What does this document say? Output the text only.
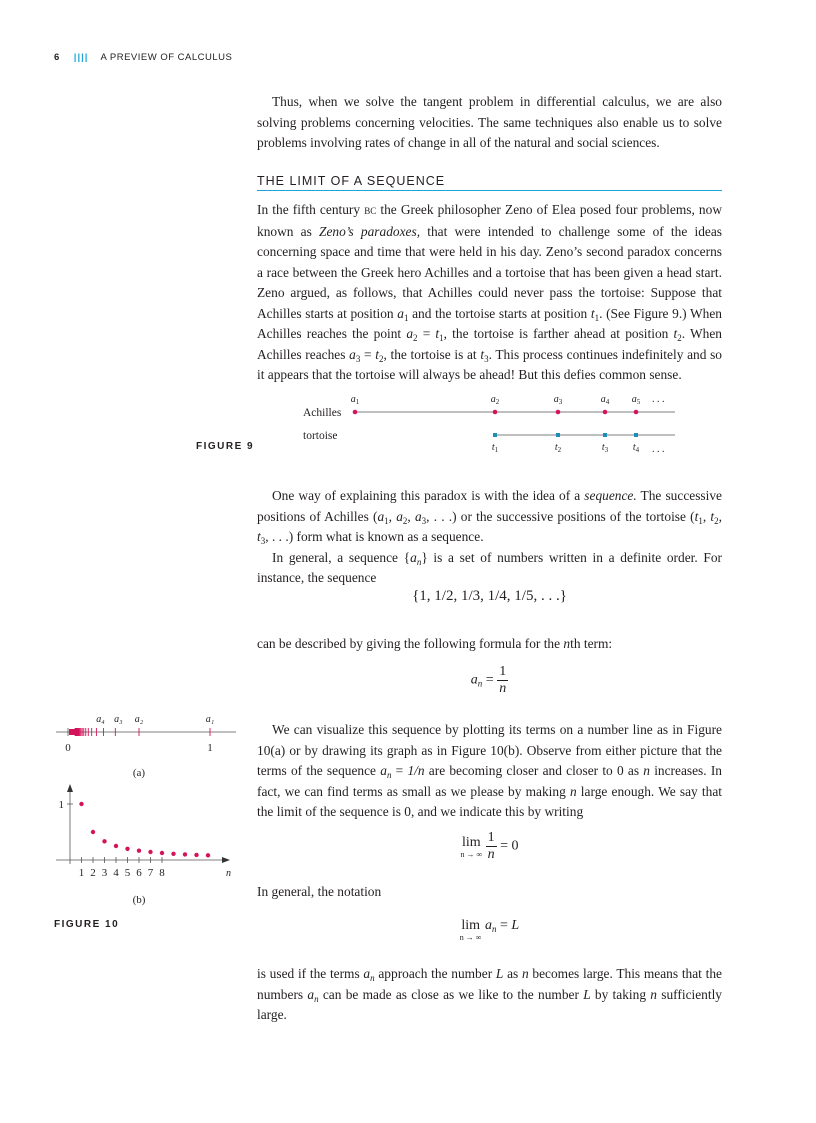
6 |||| A PREVIEW OF CALCULUS

Thus, when we solve the tangent problem in differential calculus, we are also solving problems concerning velocities. The same techniques also enable us to solve problems involving rates of change in all of the natural and social sciences.

THE LIMIT OF A SEQUENCE

In the fifth century BC the Greek philosopher Zeno of Elea posed four problems, now known as Zeno’s paradoxes, that were intended to challenge some of the ideas concerning space and time that were held in his day. Zeno’s second paradox concerns a race between the Greek hero Achilles and a tortoise that has been given a head start. Zeno argued, as follows, that Achilles could never pass the tortoise: Suppose that Achilles starts at position $a_1$ and the tortoise starts at position $t_1$. (See Figure 9.) When Achilles reaches the point $a_2 = t_1$, the tortoise is farther ahead at position $t_2$. When Achilles reaches $a_3 = t_2$, the tortoise is at $t_3$. This process continues indefinitely and so it appears that the tortoise will always be ahead! But this defies common sense.

FIGURE 9
Achilles
tortoise
$a_1$	$a_2$	$a_3$	$a_4$ $a_5$
$t_1$	$t_2$	$t_3$ $t_4$
. . .
. . .

One way of explaining this paradox is with the idea of a sequence. The successive positions of Achilles ($a_1$, $a_2$, $a_3$, . . .) or the successive positions of the tortoise ($t_1$, $t_2$, $t_3$, . . .) form what is known as a sequence.

In general, a sequence $\{a_n\}$ is a set of numbers written in a definite order. For instance, the sequence

{1, 1/2, 1/3, 1/4, 1/5, . . .}

can be described by giving the following formula for the nth term:

$a_n = \frac{1}{n}$

We can visualize this sequence by plotting its terms on a number line as in Figure 10(a) or by drawing its graph as in Figure 10(b). Observe from either picture that the terms of the sequence $a_n = 1/n$ are becoming closer and closer to 0 as n increases. In fact, we can find terms as small as we please by making n large enough. We say that the limit of the sequence is 0, and we indicate this by writing

lim
n → ∞
$\frac{1}{n} = 0$

In general, the notation

lim
n → ∞
$a_n = L$

is used if the terms $a_n$ approach the number L as n becomes large. This means that the numbers $a_n$ can be made as close as we like to the number L by taking n sufficiently large.

a₄ a₃ a₂	a₁
0	1
(a)
1
1 2 3 4 5 6 7 8	n
(b)
FIGURE 10
